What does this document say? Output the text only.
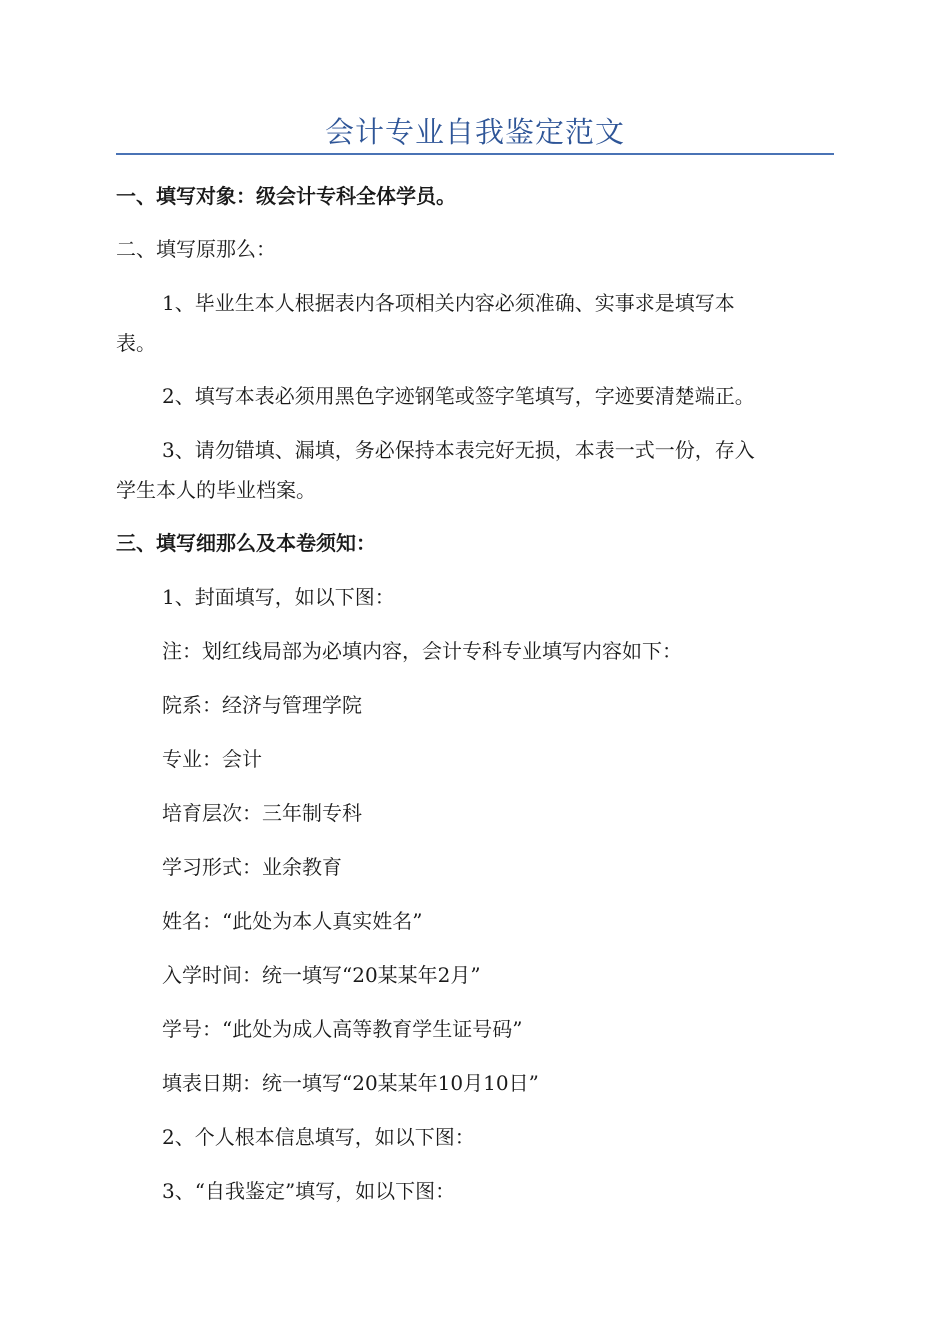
会计专业自我鉴定范文
一、填写对象：级会计专科全体学员。
二、填写原那么：
1、毕业生本人根据表内各项相关内容必须准确、实事求是填写本
表。
2、填写本表必须用黑色字迹钢笔或签字笔填写，字迹要清楚端正。
3、请勿错填、漏填，务必保持本表完好无损，本表一式一份，存入
学生本人的毕业档案。
三、填写细那么及本卷须知：
1、封面填写，如以下图：
注：划红线局部为必填内容，会计专科专业填写内容如下：
院系：经济与管理学院
专业：会计
培育层次：三年制专科
学习形式：业余教育
姓名：“此处为本人真实姓名”
入学时间：统一填写“20某某年2月”
学号：“此处为成人高等教育学生证号码”
填表日期：统一填写“20某某年10月10日”
2、个人根本信息填写，如以下图：
3、“自我鉴定”填写，如以下图：
